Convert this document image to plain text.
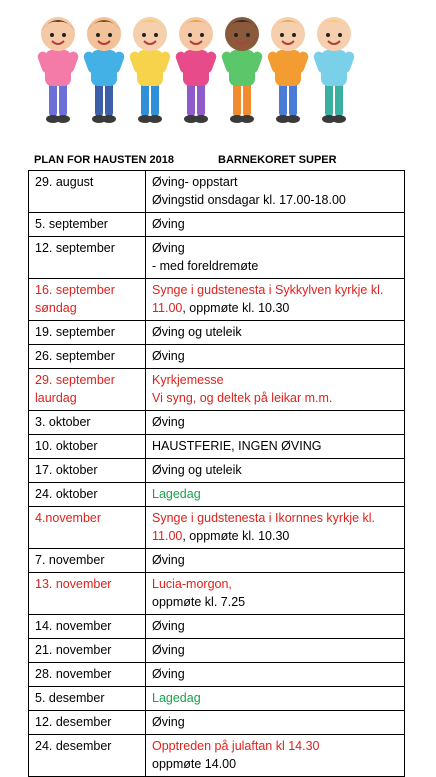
PLAN FOR HAUSTEN 2018	BARNEKORET SUPER
29. august	Øving- oppstart
Øvingstid onsdagar kl. 17.00-18.00

5. september	Øving

12. september	Øving
- med foreldremøte

16. september
søndag	Synge i gudstenesta i Sykkylven kyrkje kl.
11.00, oppmøte kl. 10.30

19. september	Øving og uteleik

26. september	Øving

29. september
laurdag	Kyrkjemesse
Vi syng, og deltek på leikar m.m.

3. oktober	Øving

10. oktober	HAUSTFERIE, INGEN ØVING

17. oktober	Øving og uteleik

24. oktober	Lagedag

4.november	Synge i gudstenesta i Ikornnes kyrkje kl.
11.00, oppmøte kl. 10.30

7. november	Øving

13. november	Lucia-morgon,
oppmøte kl. 7.25

14. november	Øving

21. november	Øving

28. november	Øving

5. desember	Lagedag

12. desember	Øving

24. desember	Opptreden på julaftan kl 14.30
oppmøte 14.00
